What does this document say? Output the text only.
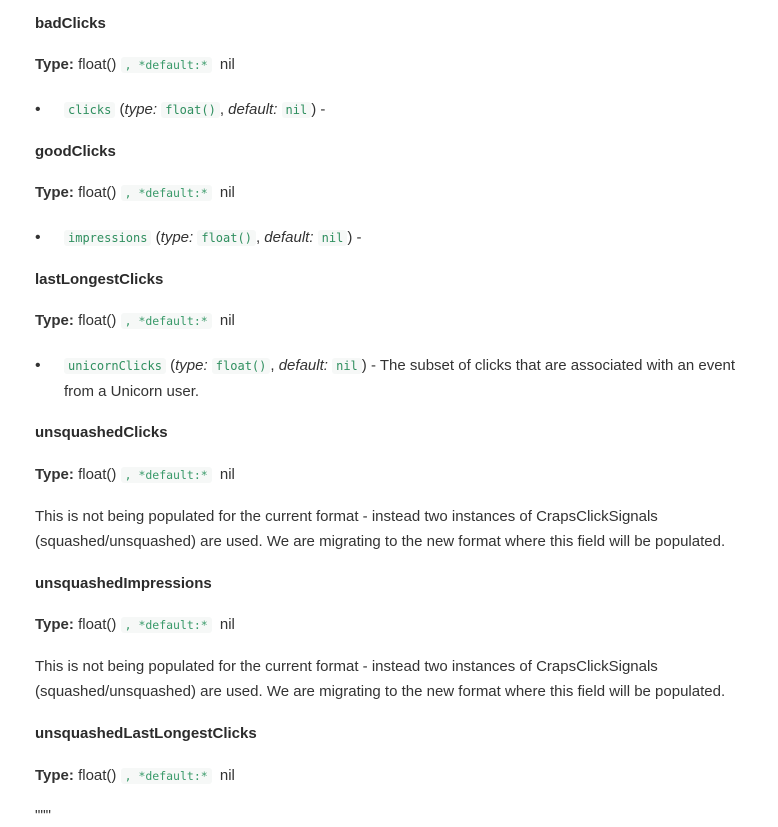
badClicks
Type: float() , *default:* nil
• clicks (type: float() , default: nil ) -
goodClicks
Type: float() , *default:* nil
• impressions (type: float() , default: nil ) -
lastLongestClicks
Type: float() , *default:* nil
• unicornClicks (type: float() , default: nil ) - The subset of clicks that are associated with an event from a Unicorn user.
unsquashedClicks
Type: float() , *default:* nil
This is not being populated for the current format - instead two instances of CrapsClickSignals (squashed/unsquashed) are used. We are migrating to the new format where this field will be populated.
unsquashedImpressions
Type: float() , *default:* nil
This is not being populated for the current format - instead two instances of CrapsClickSignals (squashed/unsquashed) are used. We are migrating to the new format where this field will be populated.
unsquashedLastLongestClicks
Type: float() , *default:* nil
"""
